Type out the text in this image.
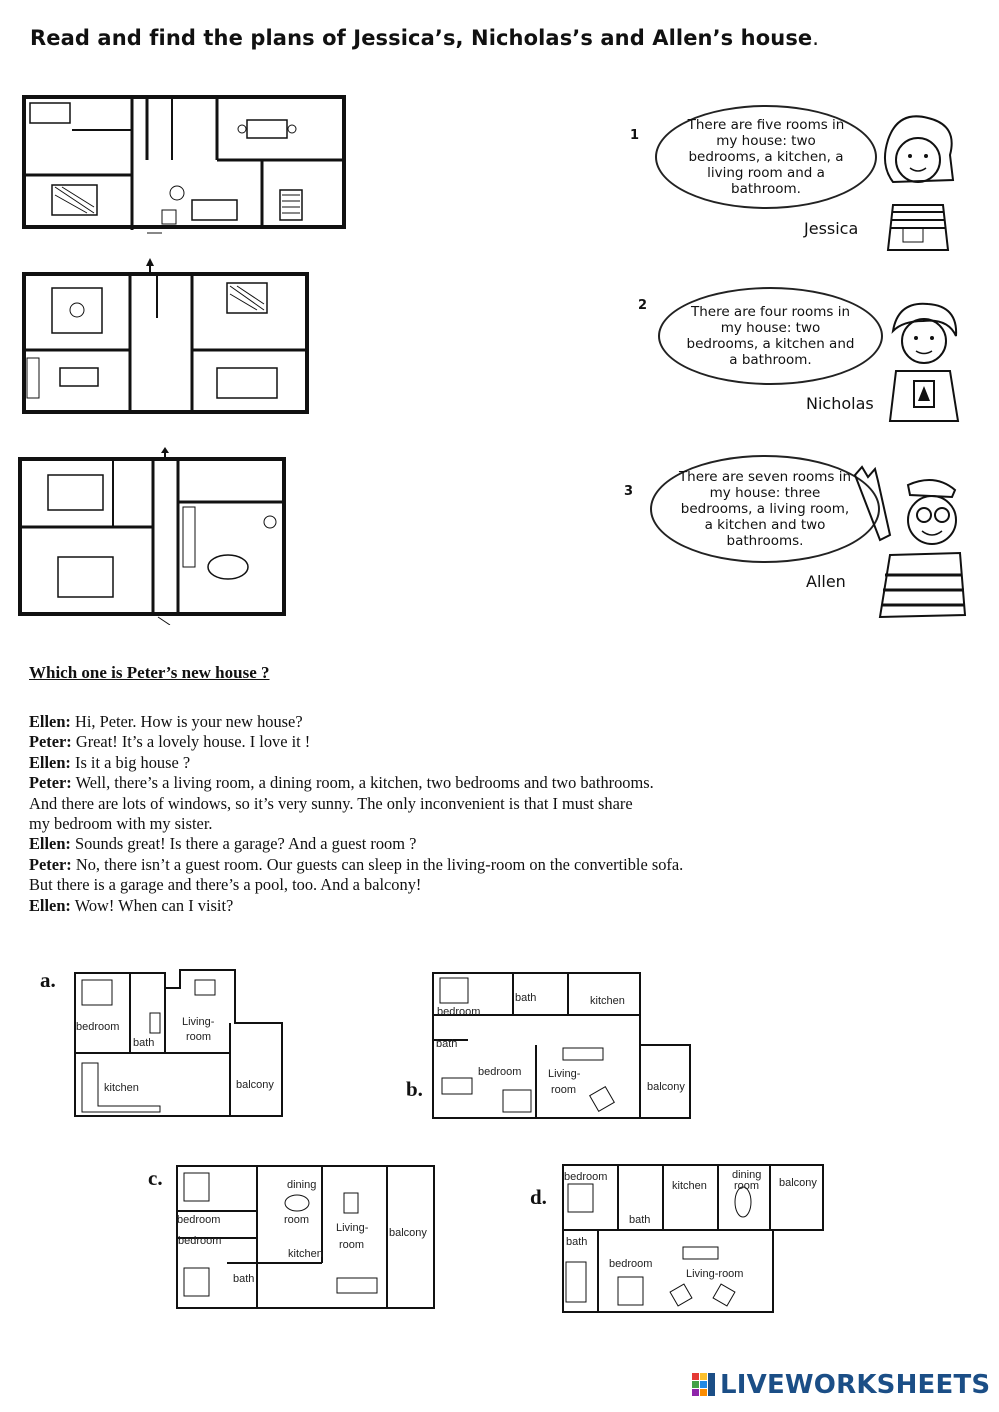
Read and find the plans of Jessica’s, Nicholas’s and Allen’s house.
1
There are five rooms in my house: two bedrooms, a kitchen, a living room and a bathroom.
Jessica
2	There are four rooms in my house: two bedrooms, a kitchen and a bathroom.
Nicholas
3
There are seven rooms in my house: three bedrooms, a living room, a kitchen and two bathrooms.
Allen
Which one is Peter’s new house ?

Ellen: Hi, Peter. How is your new house?

Peter: Great! It’s a lovely house. I love it !

Ellen: Is it a big house ?

Peter: Well, there’s a living room, a dining room, a kitchen, two bedrooms and two bathrooms.

And there are lots of windows, so it’s very sunny. The only inconvenient is that I must share

my bedroom with my sister.

Ellen: Sounds great! Is there a garage? And a guest room ?

Peter: No, there isn’t a guest room. Our guests can sleep in the living-room on the convertible sofa.

But there is a garage and there’s a pool, too. And a balcony!

Ellen: Wow! When can I visit?

a.
bedroom
bath
Living-
room
kitchen	balcony
bath	kitchen
bedroom
bath
bedroom Living-
room	balcony
b.
c.	dining
room
bedroom
bedroom
Living-
room
balcony
kitchen
bath
d.
bedroom
kitchen
dining
room balcony
bath
bath
bedroom
Living-room
LIVEWORKSHEETS
